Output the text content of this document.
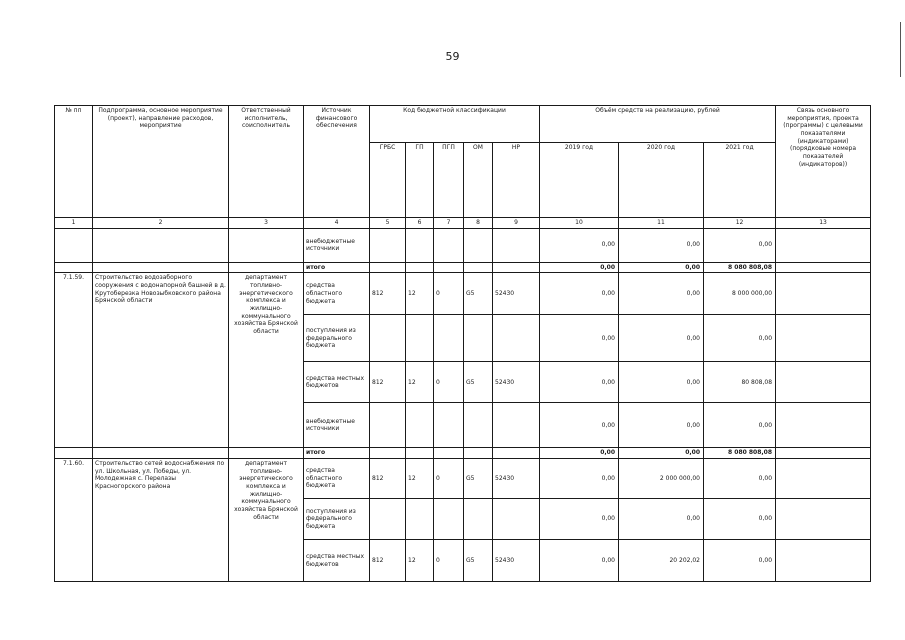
59
№ пп	Подпрограмма, основное мероприятие (проект), направление расходов, мероприятие	Ответственный исполнитель, соисполнитель	Источник финансового обеспечения	Код бюджетной классификации					Объём средств на реализацию, рублей			Связь основного мероприятия, проекта (программы) с целевыми показателями (индикаторами) (порядковые номера показателей (индикаторов))
				ГРБС	ГП	ПГП	ОМ	НР	2019 год	2020 год	2021 год	
1	2	3	4	5	6	7	8	9	10	11	12	13
			внебюджетные источники						0,00	0,00	0,00	
			итого						0,00	0,00	8 080 808,08	
7.1.59.	Строительство водозаборного сооружения с водонапорной башней в д. Крутоберезка Новозыбковского района Брянской области	департамент топливно-энергетического комплекса и жилищно-коммунального хозяйства Брянской области	средства областного бюджета	812	12	0	G5	52430	0,00	0,00	8 000 000,00	
			поступления из федерального бюджета						0,00	0,00	0,00	
			средства местных бюджетов	812	12	0	G5	52430	0,00	0,00	80 808,08	
			внебюджетные источники						0,00	0,00	0,00	
			итого						0,00	0,00	8 080 808,08	
7.1.60.	Строительство сетей водоснабжения по ул. Школьная, ул. Победы, ул. Молодежная с. Перелазы Красногорского района	департамент топливно-энергетического комплекса и жилищно-коммунального хозяйства Брянской области	средства областного бюджета	812	12	0	G5	52430	0,00	2 000 000,00	0,00	
			поступления из федерального бюджета						0,00	0,00	0,00	
			средства местных бюджетов	812	12	0	G5	52430	0,00	20 202,02	0,00	
